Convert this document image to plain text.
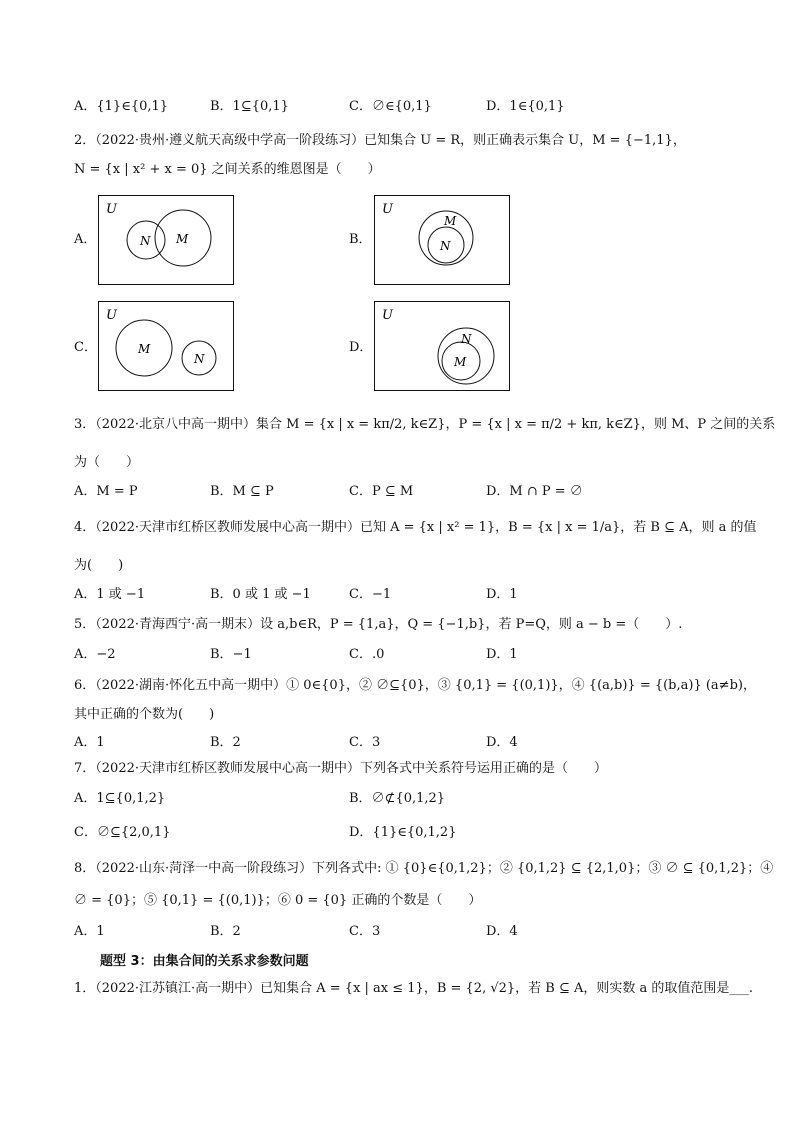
A．{1}∈{0,1}	B．1⊆{0,1}	C．∅∈{0,1}	D．1∈{0,1}
2．（2022·贵州·遵义航天高级中学高一阶段练习）已知集合 U = R，则正确表示集合 U，M = {−1,1}，
N = {x | x² + x = 0} 之间关系的维恩图是（　　）
A．
U
N M	B．
U
M
N
C．
U
M
N
D．
U
N
M
3．（2022·北京八中高一期中）集合 M = {x | x = kπ/2, k∈Z}，P = {x | x = π/2 + kπ, k∈Z}，则 M、P 之间的关系
为（　　）
A．M = P	B．M ⊆ P	C．P ⊆ M	D．M ∩ P = ∅
4．（2022·天津市红桥区教师发展中心高一期中）已知 A = {x | x² = 1}，B = {x | x = 1/a}，若 B ⊆ A，则 a 的值
为(　　)
A．1 或 −1	B．0 或 1 或 −1	C．−1	D．1
5．（2022·青海西宁·高一期末）设 a,b∈R，P = {1,a}，Q = {−1,b}，若 P=Q，则 a − b =（　　）.
A．−2	B．−1	C．.0	D．1
6．（2022·湖南·怀化五中高一期中）① 0∈{0}，② ∅⊆{0}，③ {0,1} = {(0,1)}，④ {(a,b)} = {(b,a)} (a≠b)，
其中正确的个数为(　　)
A．1	B．2	C．3	D．4
7．（2022·天津市红桥区教师发展中心高一期中）下列各式中关系符号运用正确的是（　　）
A．1⊆{0,1,2}	B．∅⊄{0,1,2}
C．∅⊆{2,0,1}	D．{1}∈{0,1,2}
8．（2022·山东·菏泽一中高一阶段练习）下列各式中: ① {0}∈{0,1,2}；② {0,1,2} ⊆ {2,1,0}；③ ∅ ⊆ {0,1,2}；④
∅ = {0}；⑤ {0,1} = {(0,1)}；⑥ 0 = {0} 正确的个数是（　　）
A．1	B．2	C．3	D．4
题型 3：由集合间的关系求参数问题
1．（2022·江苏镇江·高一期中）已知集合 A = {x | ax ≤ 1}，B = {2, √2}，若 B ⊆ A，则实数 a 的取值范围是___.
